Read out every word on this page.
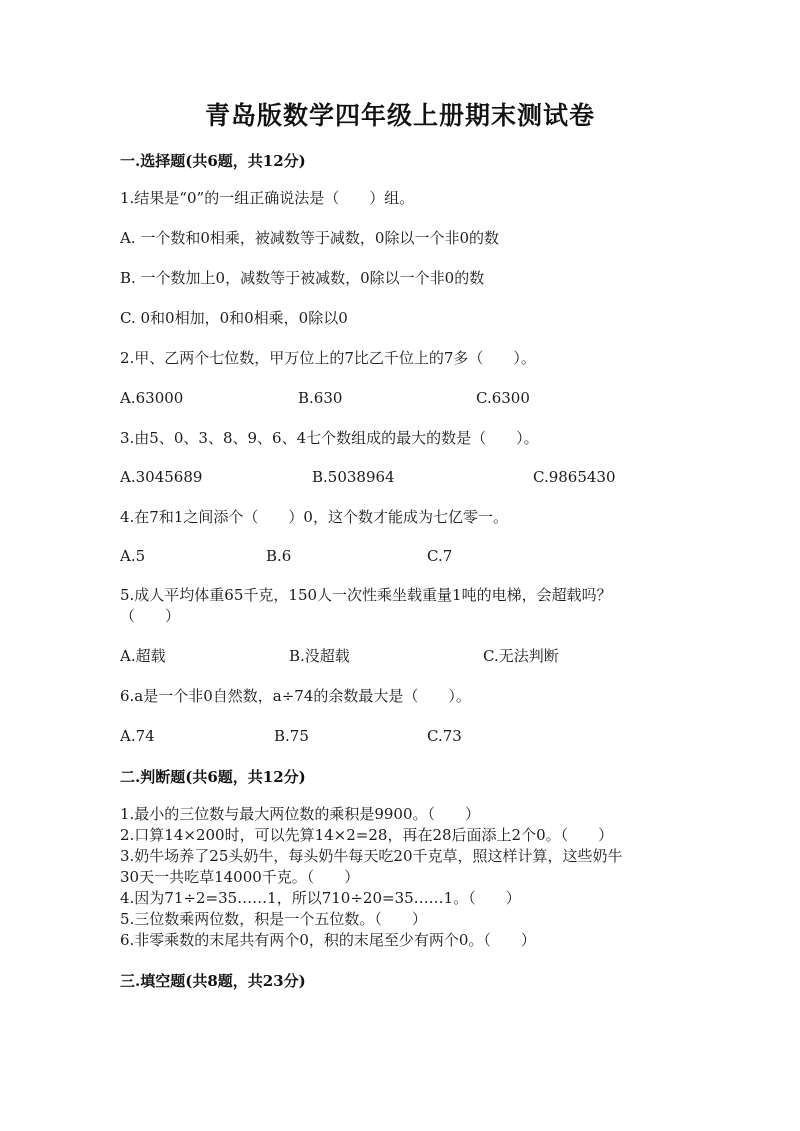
青岛版数学四年级上册期末测试卷
一.选择题(共6题，共12分)
1.结果是“0”的一组正确说法是（　　）组。
A. 一个数和0相乘，被减数等于减数，0除以一个非0的数
B. 一个数加上0，减数等于被减数，0除以一个非0的数
C. 0和0相加，0和0相乘，0除以0
2.甲、乙两个七位数，甲万位上的7比乙千位上的7多（　　）。
A.63000	B.630	C.6300
3.由5、0、3、8、9、6、4七个数组成的最大的数是（　　）。
A.3045689	B.5038964	C.9865430
4.在7和1之间添个（　　）0，这个数才能成为七亿零一。
A.5	B.6	C.7
5.成人平均体重65千克，150人一次性乘坐载重量1吨的电梯，会超载吗？
（　　）
A.超载	B.没超载	C.无法判断
6.a是一个非0自然数，a÷74的余数最大是（　　）。
A.74	B.75	C.73
二.判断题(共6题，共12分)
1.最小的三位数与最大两位数的乘积是9900。（　　）
2.口算14×200时，可以先算14×2=28，再在28后面添上2个0。（　　）
3.奶牛场养了25头奶牛，每头奶牛每天吃20千克草，照这样计算，这些奶牛
30天一共吃草14000千克。（　　）
4.因为71÷2=35……1，所以710÷20=35……1。（　　）
5.三位数乘两位数，积是一个五位数。（　　）
6.非零乘数的末尾共有两个0，积的末尾至少有两个0。（　　）
三.填空题(共8题，共23分)
